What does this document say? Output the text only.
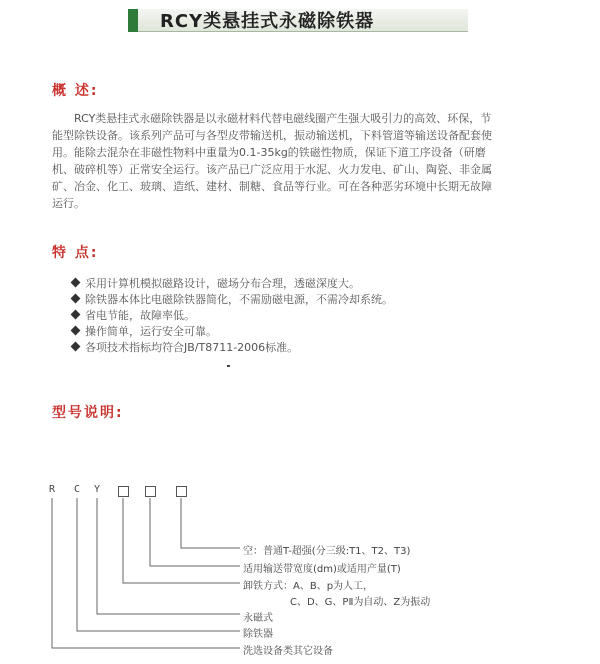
RCY类悬挂式永磁除铁器
概 述:
RCY类悬挂式永磁除铁器是以永磁材料代替电磁线圈产生强大吸引力的高效、环保，节能型除铁设备。该系列产品可与各型皮带输送机，振动输送机，下料管道等输送设备配套使用。能除去混杂在非磁性物料中重量为0.1-35kg的铁磁性物质，保证下道工序设备（研磨机、破碎机等）正常安全运行。该产品已广泛应用于水泥、火力发电、矿山、陶瓷、非金属矿、冶金、化工、玻璃、造纸、建材、制糖、食品等行业。可在各种恶劣环境中长期无故障运行。
特 点:
采用计算机模拟磁路设计，磁场分布合理，透磁深度大。
除铁器本体比电磁除铁器简化，不需励磁电源，不需冷却系统。
省电节能，故障率低。
操作简单，运行安全可靠。
各项技术指标均符合JB/T8711-2006标准。
型号说明:
R C Y
空：普通T-超强(分三级:T1、T2、T3)
适用输送带宽度(dm)或适用产量(T)
卸铁方式：A、B、p为人工，
C、D、G、PⅡ为自动、Z为振动
永磁式
除铁器
洗选设备类其它设备
